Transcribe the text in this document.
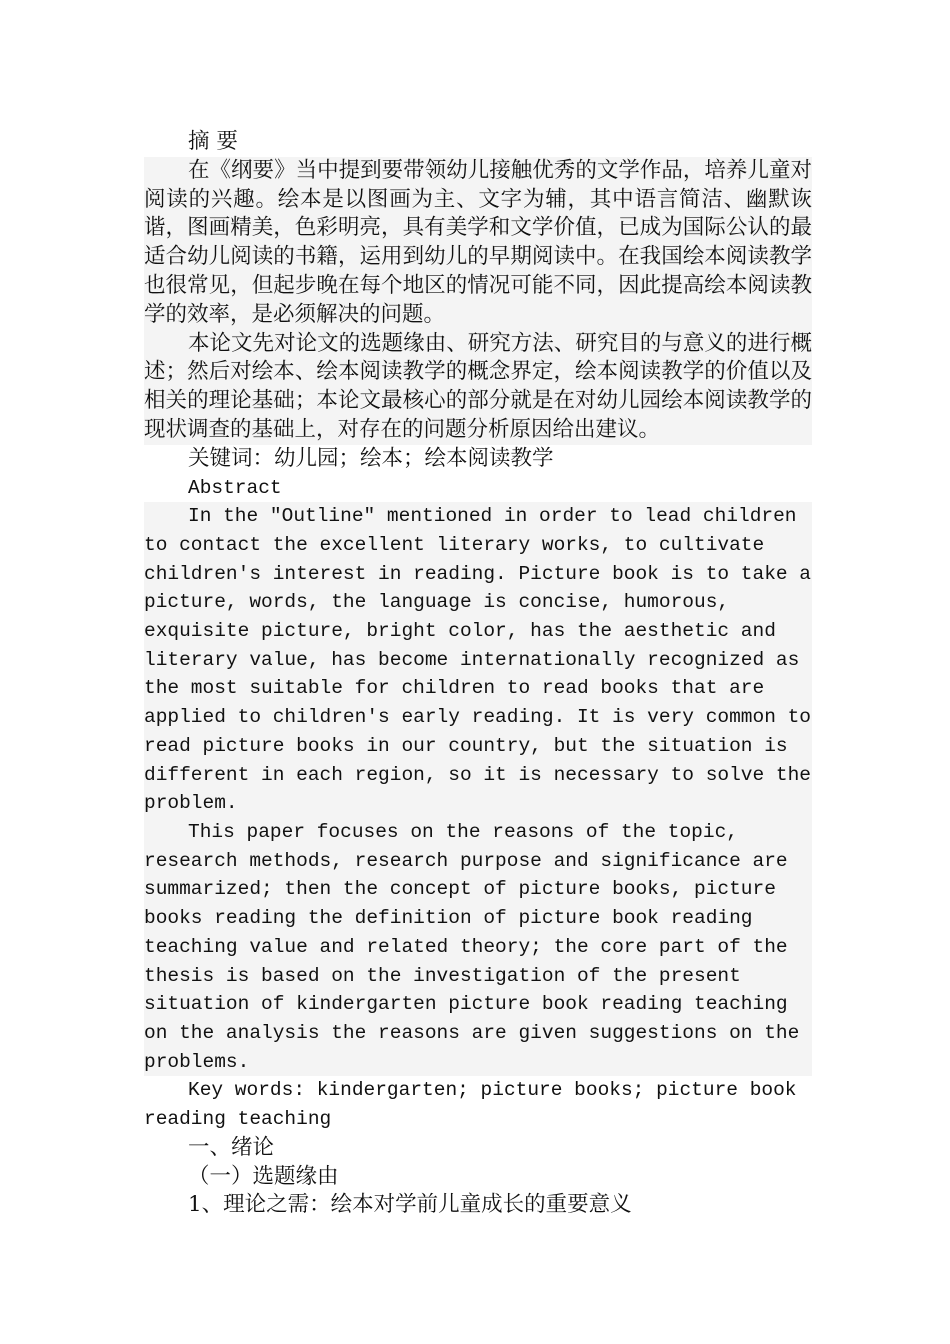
摘 要

在《纲要》当中提到要带领幼儿接触优秀的文学作品，培养儿童对阅读的兴趣。绘本是以图画为主、文字为辅，其中语言简洁、幽默诙谐，图画精美，色彩明亮，具有美学和文学价值，已成为国际公认的最适合幼儿阅读的书籍，运用到幼儿的早期阅读中。在我国绘本阅读教学也很常见，但起步晚在每个地区的情况可能不同，因此提高绘本阅读教学的效率，是必须解决的问题。

本论文先对论文的选题缘由、研究方法、研究目的与意义的进行概述；然后对绘本、绘本阅读教学的概念界定，绘本阅读教学的价值以及相关的理论基础；本论文最核心的部分就是在对幼儿园绘本阅读教学的现状调查的基础上，对存在的问题分析原因给出建议。

关键词：幼儿园；绘本；绘本阅读教学

Abstract

In the "Outline" mentioned in order to lead children to contact the excellent literary works, to cultivate children's interest in reading. Picture book is to take a picture, words, the language is concise, humorous, exquisite picture, bright color, has the aesthetic and literary value, has become internationally recognized as the most suitable for children to read books that are applied to children's early reading. It is very common to read picture books in our country, but the situation is different in each region, so it is necessary to solve the problem.

This paper focuses on the reasons of the topic, research methods, research purpose and significance are summarized; then the concept of picture books, picture books reading the definition of picture book reading teaching value and related theory; the core part of the thesis is based on the investigation of the present situation of kindergarten picture book reading teaching on the analysis the reasons are given suggestions on the problems.

Key words: kindergarten; picture books; picture book reading teaching

一、绪论

（一）选题缘由

1、理论之需：绘本对学前儿童成长的重要意义
